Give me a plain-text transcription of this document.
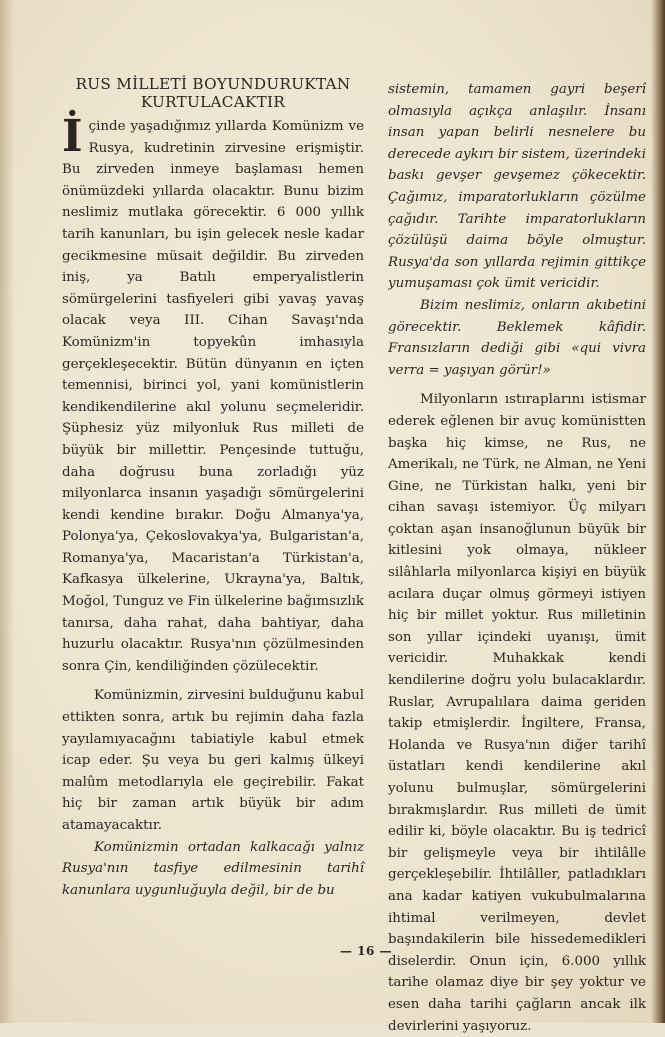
RUS MİLLETİ BOYUNDURUKTAN
KURTULACAKTIR

İçinde yaşadığımız yıllarda Komünizm ve Rusya, kudretinin zirvesine erişmiştir. Bu zirveden inmeye başlaması hemen önümüzdeki yıllarda olacaktır. Bunu bizim neslimiz mutlaka görecektir. 6 000 yıllık tarih kanunları, bu işin gelecek nesle kadar gecikmesine müsait değildir. Bu zirveden iniş, ya Batılı emperyalistlerin sömürgelerini tasfiyeleri gibi yavaş yavaş olacak veya III. Cihan Savaşı'nda Komünizm'in topyekûn imhasıyla gerçekleşecektir. Bütün dünyanın en içten temennisi, birinci yol, yani komünistlerin kendikendilerine akıl yolunu seçmeleridir. Şüphesiz yüz milyonluk Rus milleti de büyük bir millettir. Pençesinde tuttuğu, daha doğrusu buna zorladığı yüz milyonlarca insanın yaşadığı sömürgelerini kendi kendine bırakır. Doğu Almanya'ya, Polonya'ya, Çekoslovakya'ya, Bulgaristan'a, Romanya'ya, Macaristan'a Türkistan'a, Kafkasya ülkelerine, Ukrayna'ya, Baltık, Moğol, Tunguz ve Fin ülkelerine bağımsızlık tanırsa, daha rahat, daha bahtiyar, daha huzurlu olacaktır. Rusya'nın çözülmesinden sonra Çin, kendiliğinden çözülecektir.

Komünizmin, zirvesini bulduğunu kabul ettikten sonra, artık bu rejimin daha fazla yayılamıyacağını tabiatiyle kabul etmek icap eder. Şu veya bu geri kalmış ülkeyi malûm metodlarıyla ele geçirebilir. Fakat hiç bir zaman artık büyük bir adım atamayacaktır.

Komünizmin ortadan kalkacağı yalnız Rusya'nın tasfiye edilmesinin tarihî kanunlara uygunluğuyla değil, bir de bu

sistemin, tamamen gayri beşerî olmasıyla açıkça anlaşılır. İnsanı insan yapan belirli nesnelere bu derecede aykırı bir sistem, üzerindeki baskı gevşer gevşemez çökecektir. Çağımız, imparatorlukların çözülme çağıdır. Tarihte imparatorlukların çözülüşü daima böyle olmuştur. Rusya'da son yıllarda rejimin gittikçe yumuşaması çok ümit vericidir.

Bizim neslimiz, onların akıbetini görecektir. Beklemek kâfidir. Fransızların dediği gibi «qui vivra verra = yaşıyan görür!»

Milyonların ıstıraplarını istismar ederek eğlenen bir avuç komünistten başka hiç kimse, ne Rus, ne Amerikalı, ne Türk, ne Alman, ne Yeni Gine, ne Türkistan halkı, yeni bir cihan savaşı istemiyor. Üç milyarı çoktan aşan insanoğlunun büyük bir kitlesini yok olmaya, nükleer silâhlarla milyonlarca kişiyi en büyük acılara duçar olmuş görmeyi istiyen hiç bir millet yoktur. Rus milletinin son yıllar içindeki uyanışı, ümit vericidir. Muhakkak kendi kendilerine doğru yolu bulacaklardır. Ruslar, Avrupalılara daima geriden takip etmişlerdir. İngiltere, Fransa, Holanda ve Rusya'nın diğer tarihî üstatları kendi kendilerine akıl yolunu bulmuşlar, sömürgelerini bırakmışlardır. Rus milleti de ümit edilir ki, böyle olacaktır. Bu iş tedricî bir gelişmeyle veya bir ihtilâlle gerçekleşebilir. İhtilâller, patladıkları ana kadar katiyen vukubulmalarına ihtimal verilmeyen, devlet başındakilerin bile hissedemedikleri diselerdir. Onun için, 6.000 yıllık tarihe olamaz diye bir şey yoktur ve esen daha tarihi çağların ancak ilk devirlerini yaşıyoruz.

— 16 —
